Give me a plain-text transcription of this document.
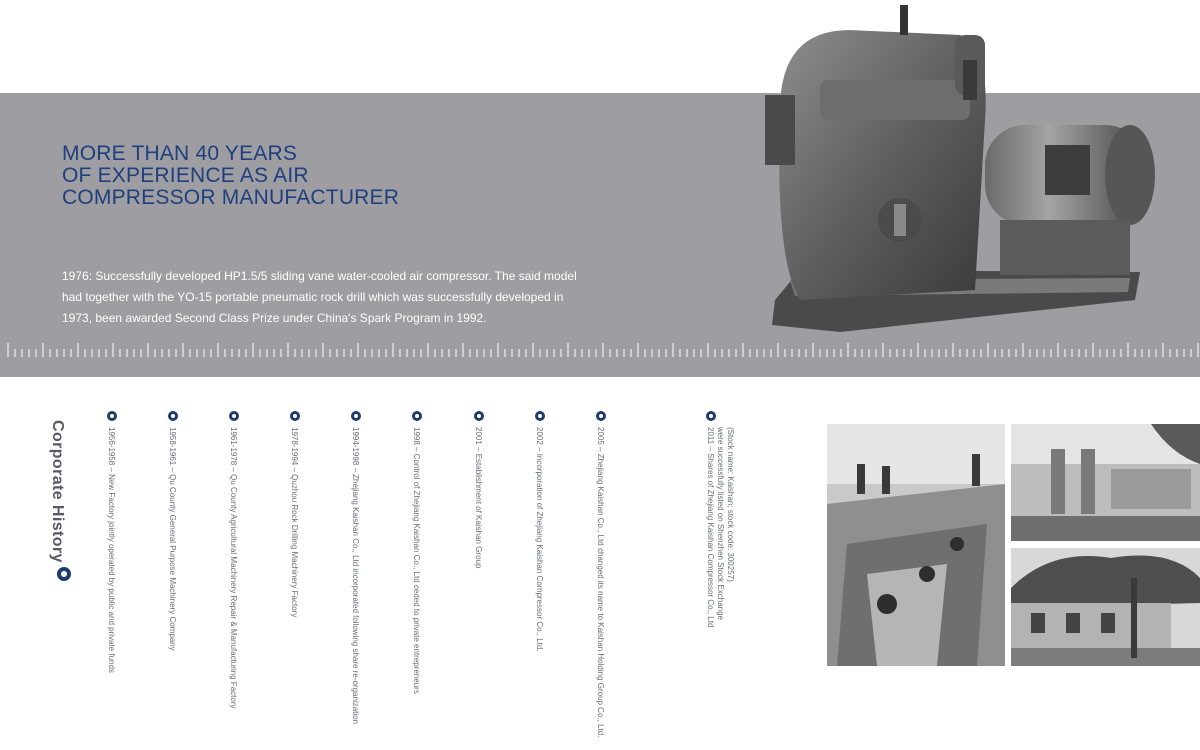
MORE THAN 40 YEARS
OF EXPERIENCE AS AIR
COMPRESSOR MANUFACTURER

1976: Successfully developed HP1.5/5 sliding vane water-cooled air compressor. The said model
had together with the YO-15 portable pneumatic rock drill which was successfully developed in
1973, been awarded Second Class Prize under China's Spark Program in 1992.

Corporate History	1956-1958 – New Factory jointly operated by public and private funds	1958-1961 – Qu County General Purpose Machinery Company	1961-1978 – Qu County Agricultural Machinery Repair & Manufacturing Factory	1978-1994 – Quzhou Rock Drilling Machinery Factory	1994-1998 – Zhejiang Kaishan Co., Ltd incorporated following share re-organization	1998 – Control of Zhejiang Kaishan Co., Ltd ceded to private entrepreneurs	2001 – Establishment of Kaishan Group	2002 – Incorporation of Zhejiang Kaishan Compressor Co., Ltd.	2005 – Zhejiang Kaishan Co., Ltd changed its name to Kaishan Holding Group Co., Ltd.	2011 – Shares of Zhejiang Kaishan Compressor Co., Ltd were successfully listed on Shenzhen Stock Exchange (Stock name: Kaishan; stock code: 300257)
